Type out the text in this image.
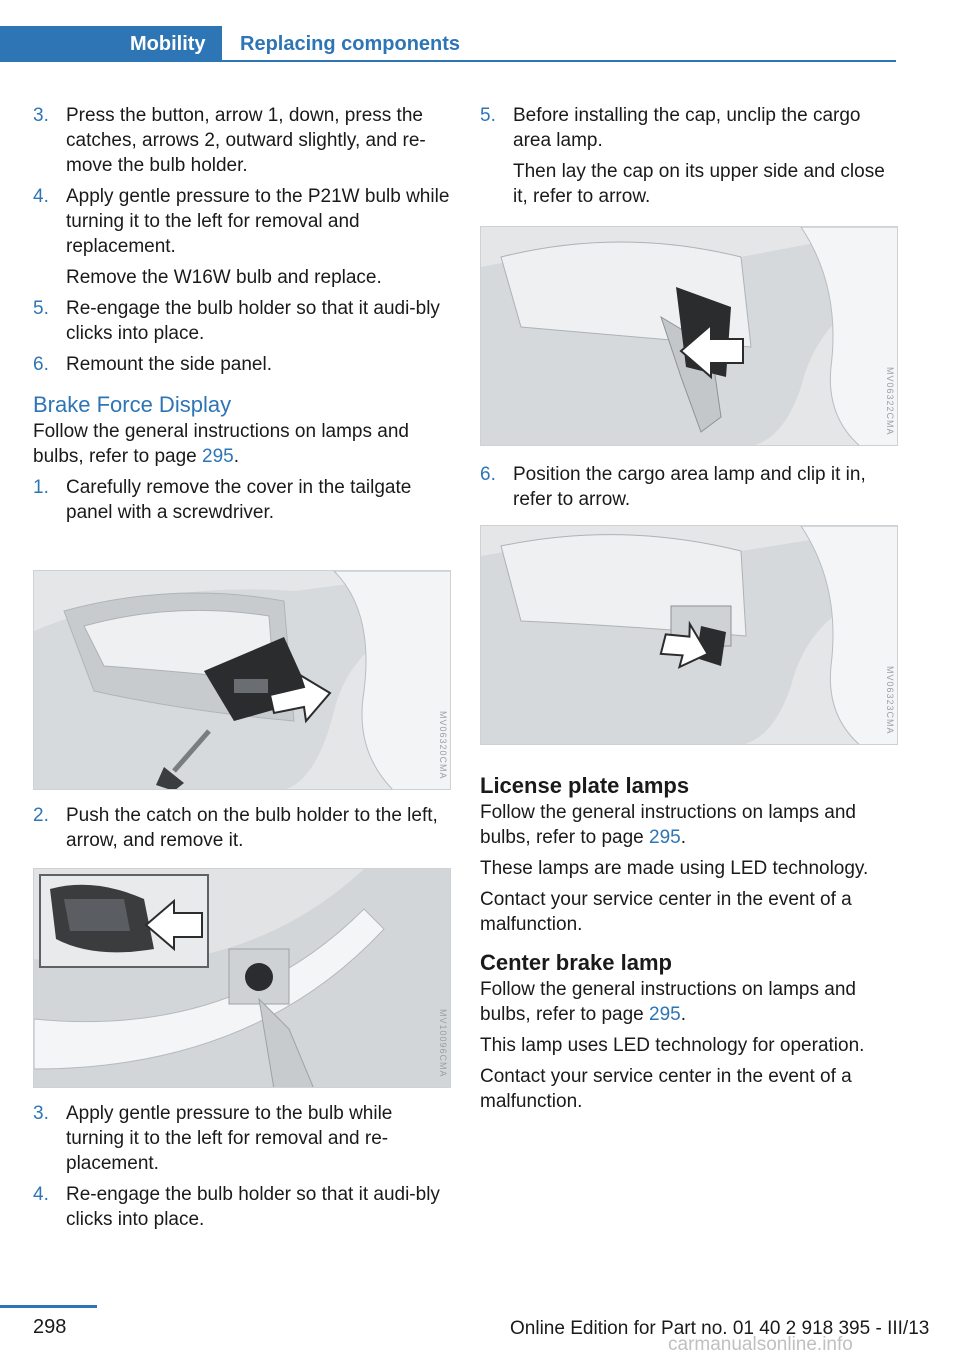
Mobility	Replacing components
3. Press the button, arrow 1, down, press the catches, arrows 2, outward slightly, and re-move the bulb holder.
4. Apply gentle pressure to the P21W bulb while turning it to the left for removal and replacement.
Remove the W16W bulb and replace.
5. Re-engage the bulb holder so that it audi-bly clicks into place.
6. Remount the side panel.
Brake Force Display
Follow the general instructions on lamps and bulbs, refer to page 295.
1. Carefully remove the cover in the tailgate panel with a screwdriver.
MV06320CMA
2. Push the catch on the bulb holder to the left, arrow, and remove it.
MV10096CMA
3. Apply gentle pressure to the bulb while turning it to the left for removal and re-placement.
4. Re-engage the bulb holder so that it audi-bly clicks into place.
5. Before installing the cap, unclip the cargo area lamp.
Then lay the cap on its upper side and close it, refer to arrow.
MV06322CMA
6. Position the cargo area lamp and clip it in, refer to arrow.
MV06323CMA
License plate lamps
Follow the general instructions on lamps and bulbs, refer to page 295.
These lamps are made using LED technology.
Contact your service center in the event of a malfunction.
Center brake lamp
Follow the general instructions on lamps and bulbs, refer to page 295.
This lamp uses LED technology for operation.
Contact your service center in the event of a malfunction.
298	Online Edition for Part no. 01 40 2 918 395 - III/13
carmanualsonline.info
